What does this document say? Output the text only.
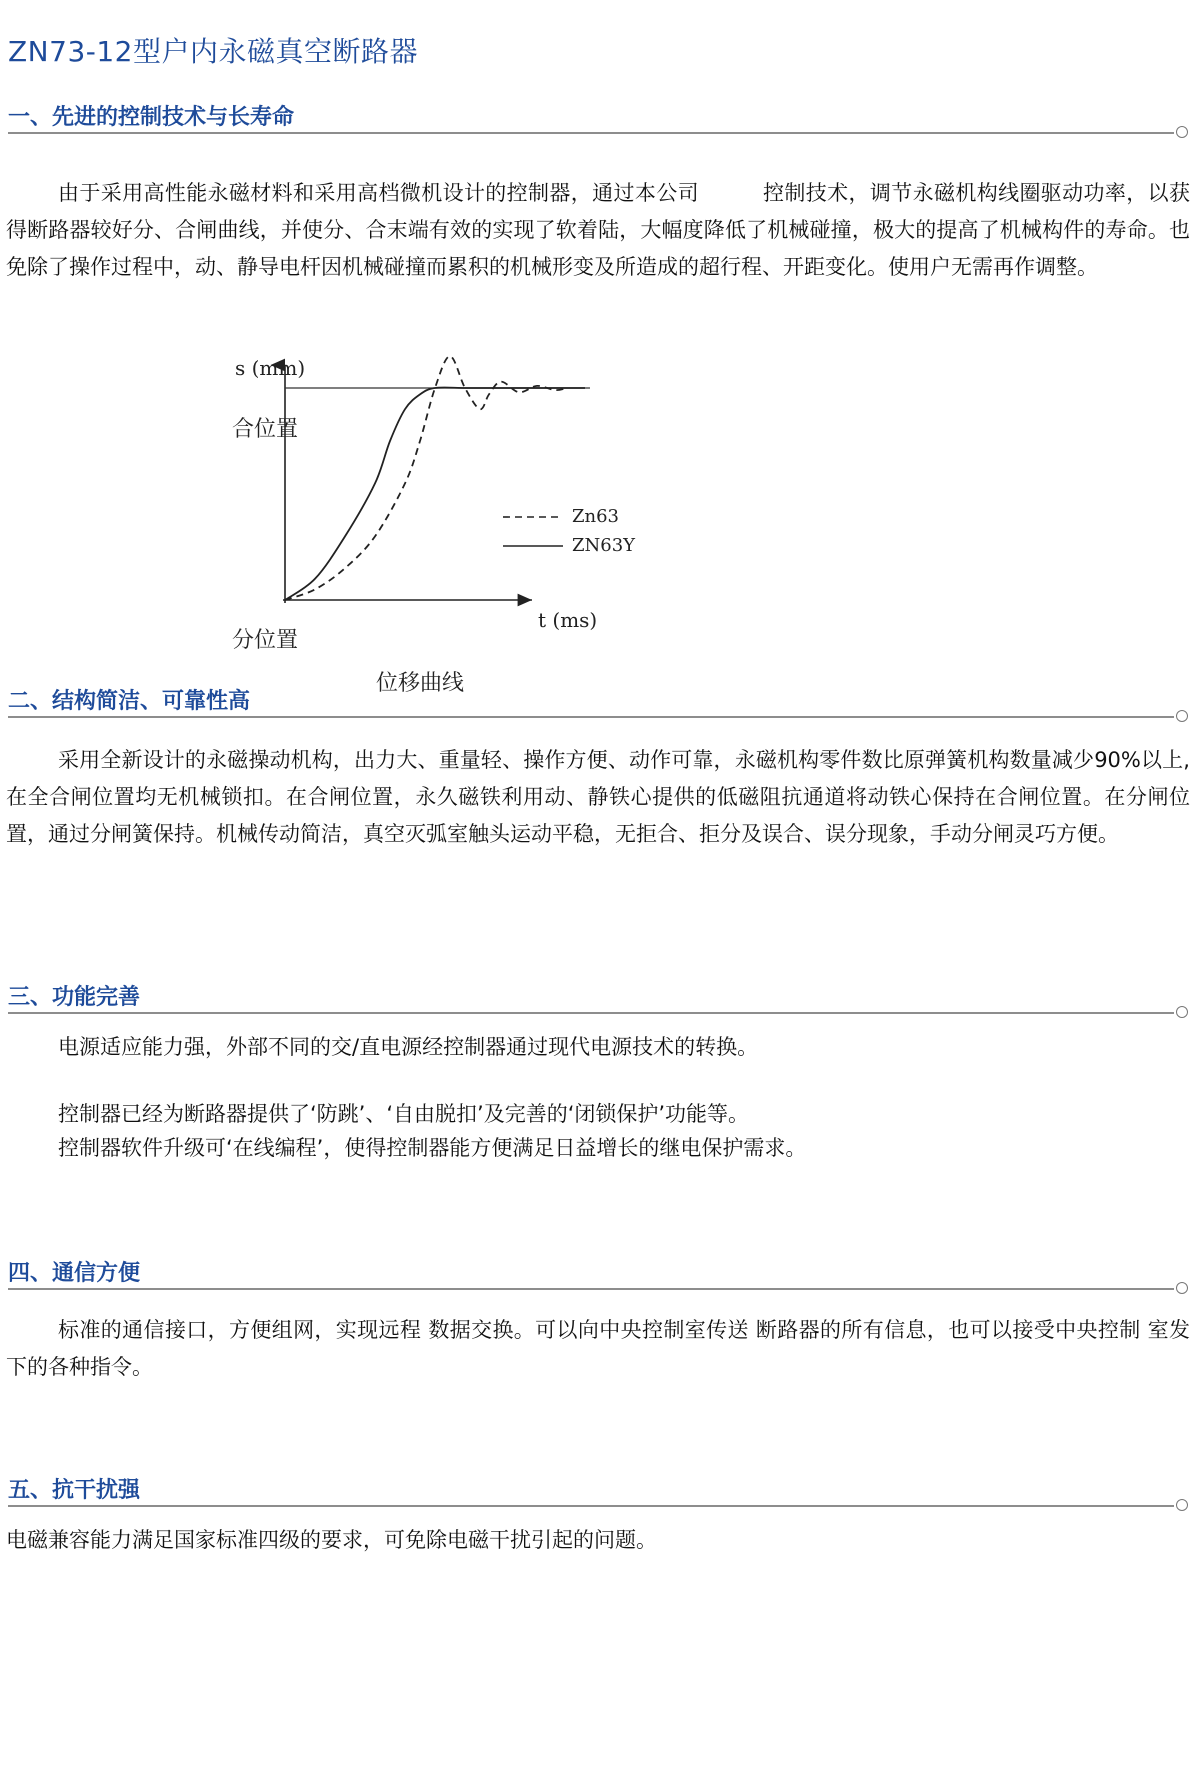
ZN73-12型户内永磁真空断路器
一、先进的控制技术与长寿命

由于采用高性能永磁材料和采用高档微机设计的控制器，通过本公司　　　控制技术，调节永磁机构线圈驱动功率，以获得断路器较好分、合闸曲线，并使分、合末端有效的实现了软着陆，大幅度降低了机械碰撞，极大的提高了机械构件的寿命。也免除了操作过程中，动、静导电杆因机械碰撞而累积的机械形变及所造成的超行程、开距变化。使用户无需再作调整。

s (mm)
合位置
分位置
t (ms)
位移曲线
Zn63
ZN63Y
二、结构简洁、可靠性高

采用全新设计的永磁操动机构，出力大、重量轻、操作方便、动作可靠，永磁机构零件数比原弹簧机构数量减少90%以上,在全合闸位置均无机械锁扣。在合闸位置，永久磁铁利用动、静铁心提供的低磁阻抗通道将动铁心保持在合闸位置。在分闸位置，通过分闸簧保持。机械传动简洁，真空灭弧室触头运动平稳，无拒合、拒分及误合、误分现象，手动分闸灵巧方便。

三、功能完善

电源适应能力强，外部不同的交/直电源经控制器通过现代电源技术的转换。

控制器已经为断路器提供了‘防跳’、‘自由脱扣’及完善的‘闭锁保护’功能等。

控制器软件升级可‘在线编程’，使得控制器能方便满足日益增长的继电保护需求。

四、通信方便

标准的通信接口，方便组网，实现远程 数据交换。可以向中央控制室传送 断路器的所有信息，也可以接受中央控制 室发下的各种指令。

五、抗干扰强

电磁兼容能力满足国家标准四级的要求，可免除电磁干扰引起的问题。
